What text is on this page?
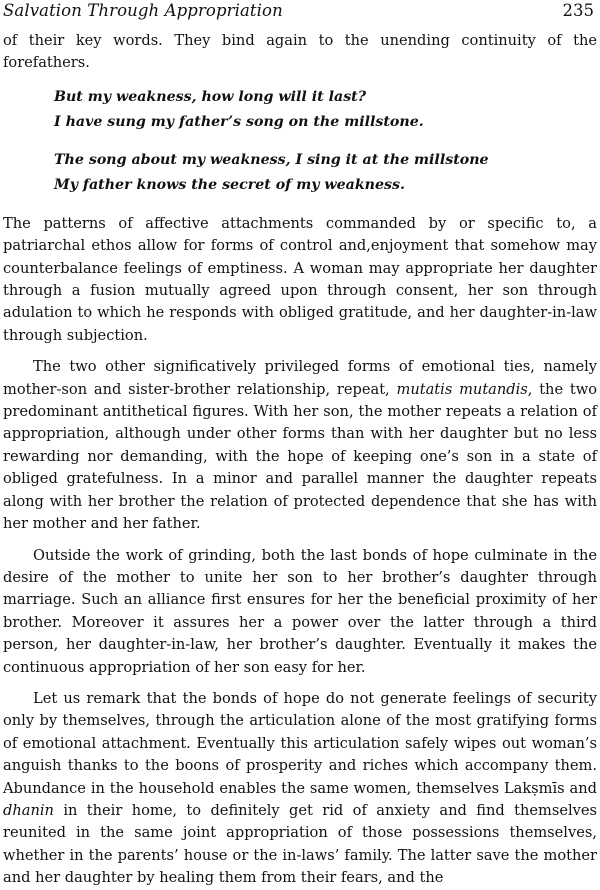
Salvation Through Appropriation	235

of their key words. They bind again to the unending continuity of the forefathers.

But my weakness, how long will it last?
I have sung my father’s song on the millstone.
The song about my weakness, I sing it at the millstone
My father knows the secret of my weakness.

The patterns of affective attachments commanded by or specific to, a patriarchal ethos allow for forms of control and,enjoyment that somehow may counterbalance feelings of emptiness. A woman may appropriate her daughter through a fusion mutually agreed upon through consent, her son through adulation to which he responds with obliged gratitude, and her daughter-in-law through subjection.

The two other significatively privileged forms of emotional ties, namely mother-son and sister-brother relationship, repeat, mutatis mutandis, the two predominant antithetical figures. With her son, the mother repeats a relation of appropriation, although under other forms than with her daughter but no less rewarding nor demanding, with the hope of keeping one’s son in a state of obliged gratefulness. In a minor and parallel manner the daughter repeats along with her brother the relation of protected dependence that she has with her mother and her father.

Outside the work of grinding, both the last bonds of hope culminate in the desire of the mother to unite her son to her brother’s daughter through marriage. Such an alliance first ensures for her the beneficial proximity of her brother. Moreover it assures her a power over the latter through a third person, her daughter-in-law, her brother’s daughter. Eventually it makes the continuous appropriation of her son easy for her.

Let us remark that the bonds of hope do not generate feelings of security only by themselves, through the articulation alone of the most gratifying forms of emotional attachment. Eventually this articulation safely wipes out woman’s anguish thanks to the boons of prosperity and riches which accompany them. Abundance in the household enables the same women, themselves Lakṣmīs and dhanin in their home, to definitely get rid of anxiety and find themselves reunited in the same joint appropriation of those possessions themselves, whether in the parents’ house or the in-laws’ family. The latter save the mother and her daughter by healing them from their fears, and the
